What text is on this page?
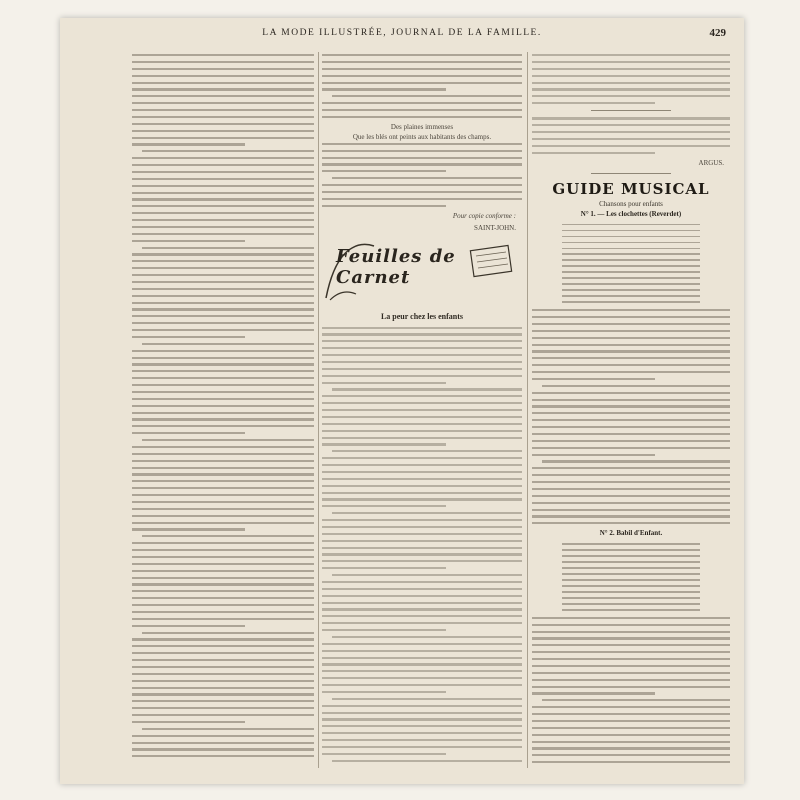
LA MODE ILLUSTRÉE, JOURNAL DE LA FAMILLE.	429
Des plaines immenses
Que les blés ont peints aux habitants des champs.
Pour copie conforme :
SAINT-JOHN.
Feuilles de Carnet
La peur chez les enfants
ARGUS.
GUIDE MUSICAL
Chansons pour enfants
N° 1. — Les clochettes (Reverdet)
N° 2. Babil d'Enfant.
